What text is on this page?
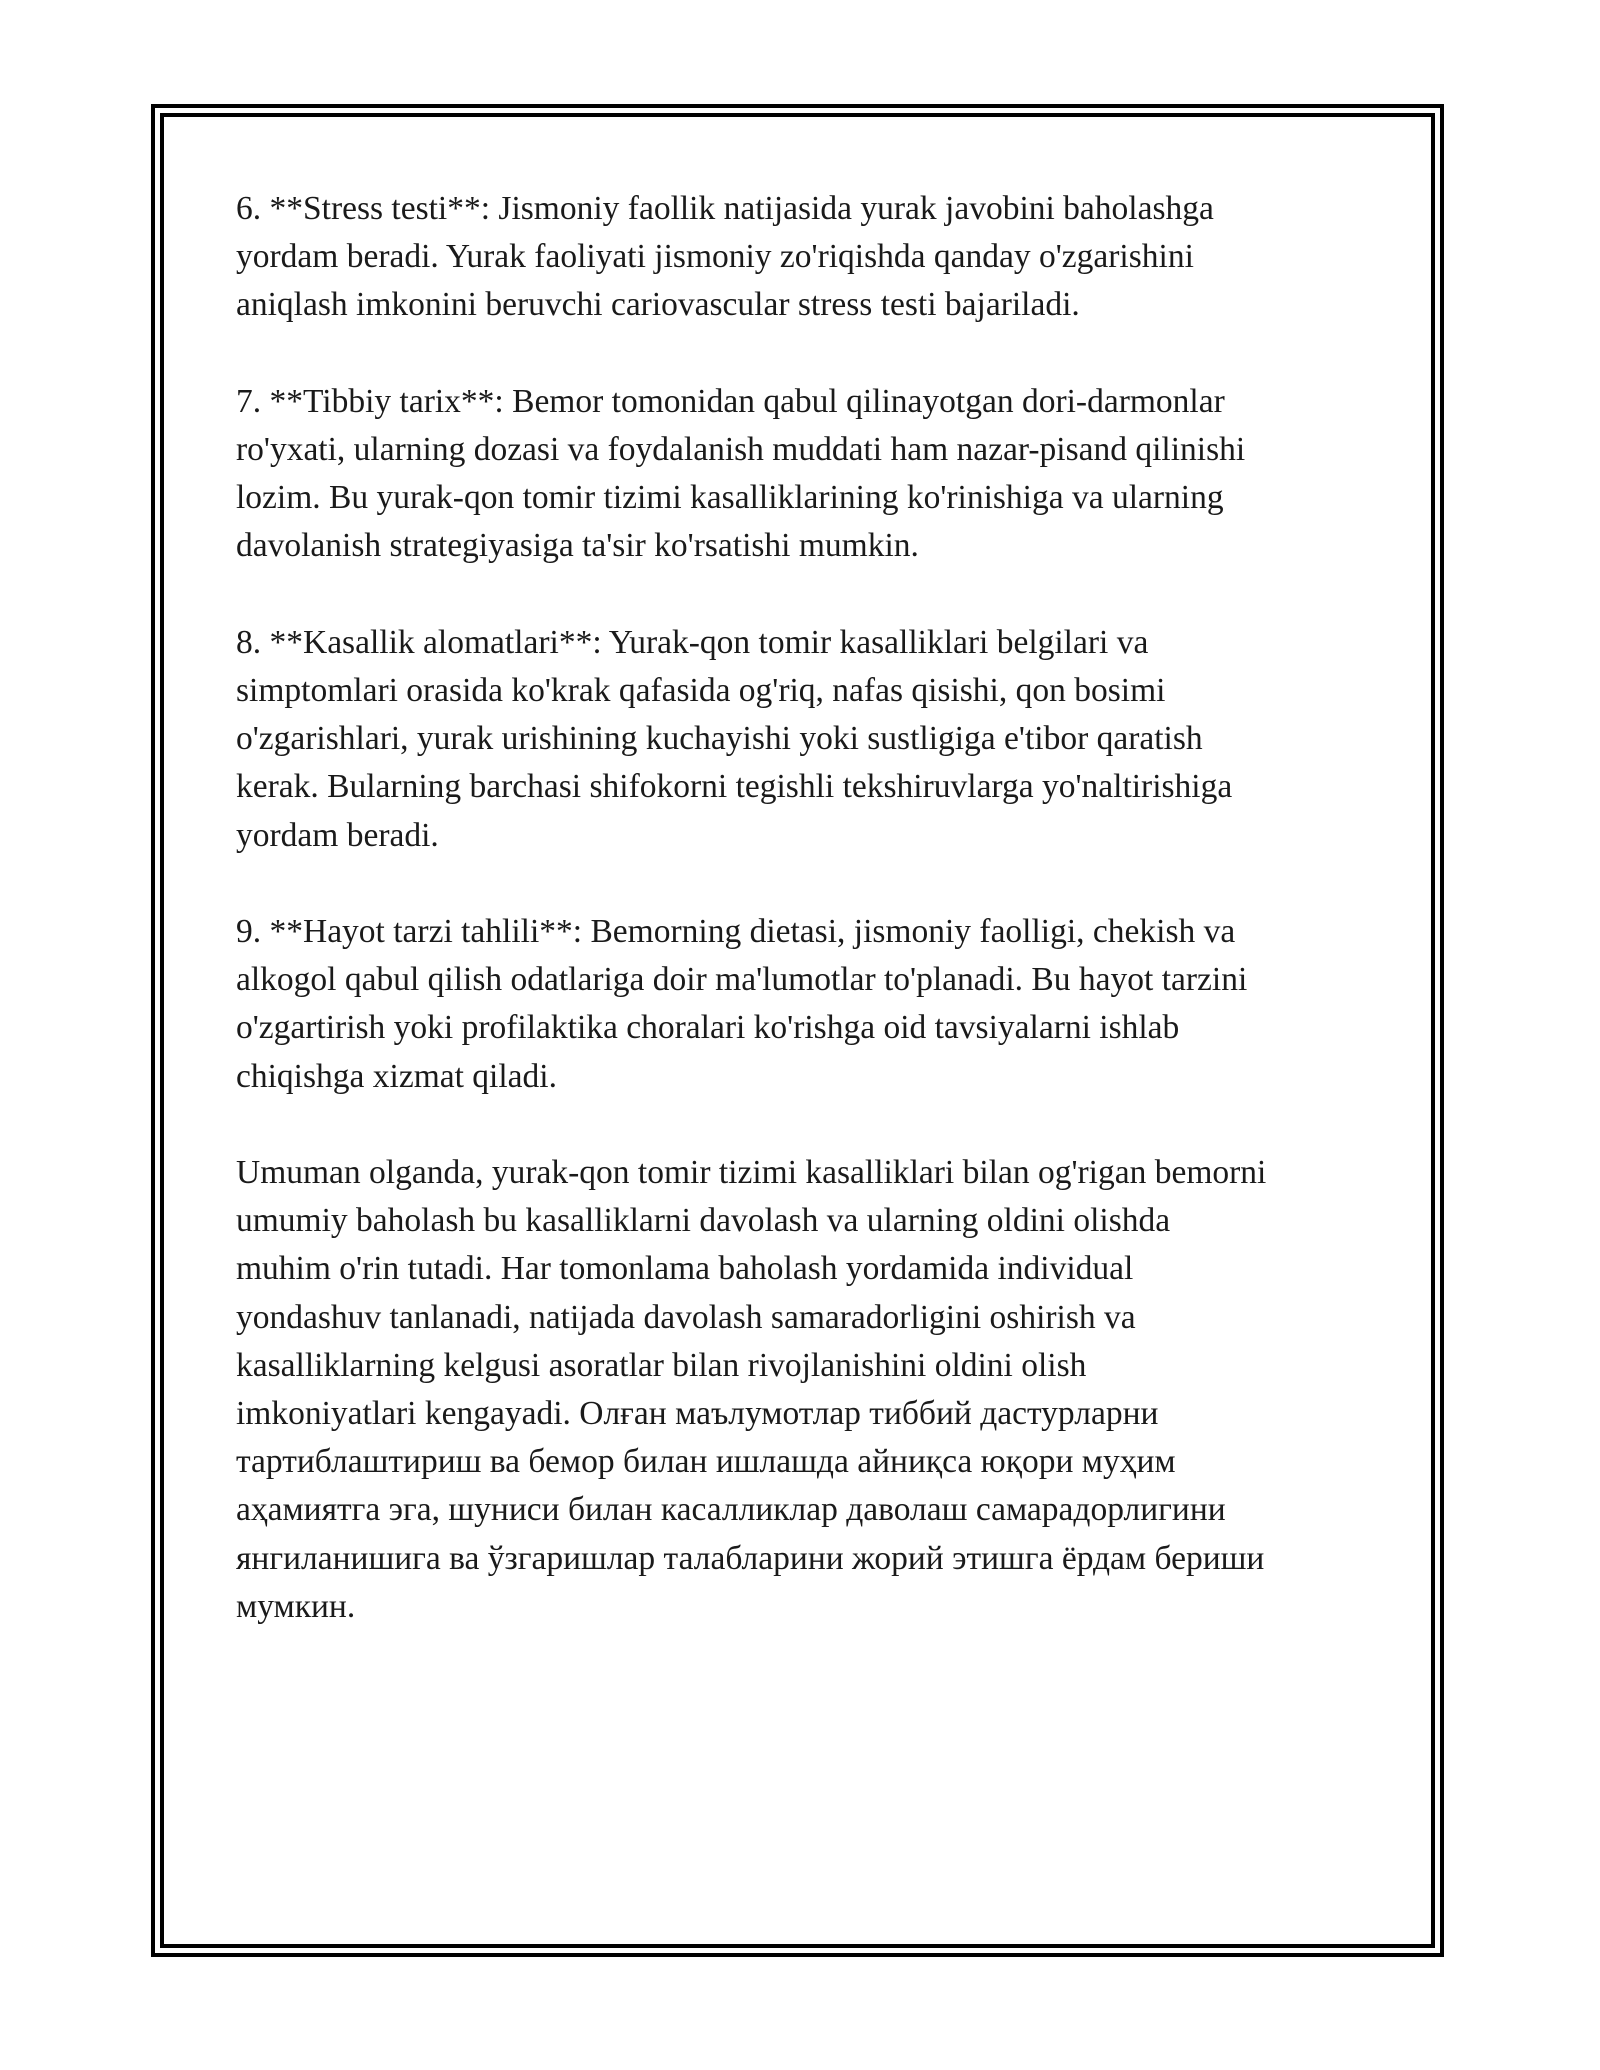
6. **Stress testi**: Jismoniy faollik natijasida yurak javobini baholashga
yordam beradi. Yurak faoliyati jismoniy zo'riqishda qanday o'zgarishini
aniqlash imkonini beruvchi cariovascular stress testi bajariladi.

7. **Tibbiy tarix**: Bemor tomonidan qabul qilinayotgan dori-darmonlar
ro'yxati, ularning dozasi va foydalanish muddati ham nazar-pisand qilinishi
lozim. Bu yurak-qon tomir tizimi kasalliklarining ko'rinishiga va ularning
davolanish strategiyasiga ta'sir ko'rsatishi mumkin.

8. **Kasallik alomatlari**: Yurak-qon tomir kasalliklari belgilari va
simptomlari orasida ko'krak qafasida og'riq, nafas qisishi, qon bosimi
o'zgarishlari, yurak urishining kuchayishi yoki sustligiga e'tibor qaratish
kerak. Bularning barchasi shifokorni tegishli tekshiruvlarga yo'naltirishiga
yordam beradi.

9. **Hayot tarzi tahlili**: Bemorning dietasi, jismoniy faolligi, chekish va
alkogol qabul qilish odatlariga doir ma'lumotlar to'planadi. Bu hayot tarzini
o'zgartirish yoki profilaktika choralari ko'rishga oid tavsiyalarni ishlab
chiqishga xizmat qiladi.

Umuman olganda, yurak-qon tomir tizimi kasalliklari bilan og'rigan bemorni
umumiy baholash bu kasalliklarni davolash va ularning oldini olishda
muhim o'rin tutadi. Har tomonlama baholash yordamida individual
yondashuv tanlanadi, natijada davolash samaradorligini oshirish va
kasalliklarning kelgusi asoratlar bilan rivojlanishini oldini olish
imkoniyatlari kengayadi. Олған маълумотлар тиббий дастурларни
тартиблаштириш ва бемор билан ишлашда айниқса юқори муҳим
аҳамиятга эга, шуниси билан касалликлар даволаш самарадорлигини
янгиланишига ва ўзгаришлар талабларини жорий этишга ёрдам бериши
мумкин.
